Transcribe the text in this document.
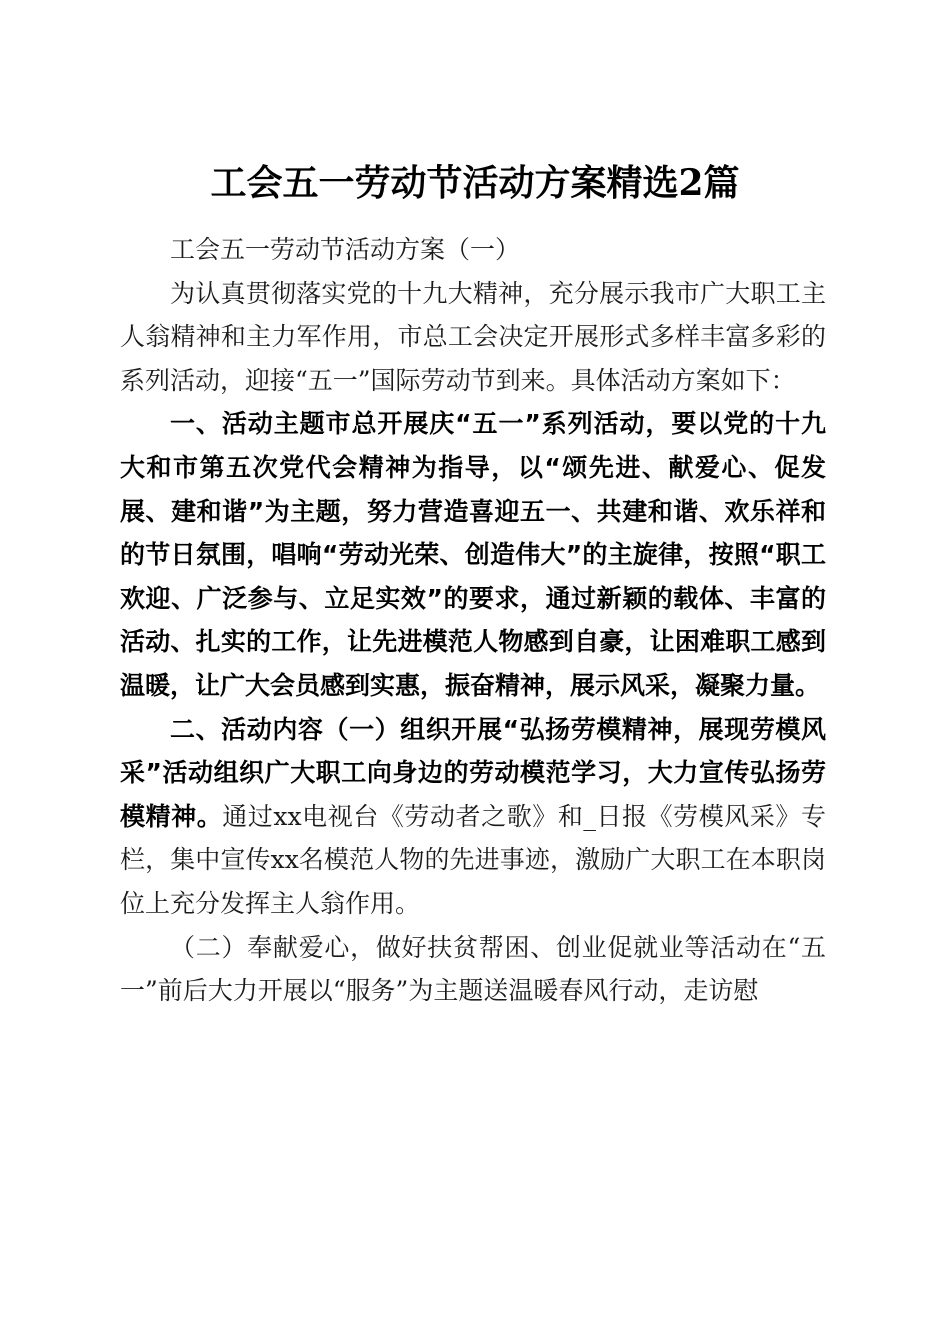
工会五一劳动节活动方案精选2篇

工会五一劳动节活动方案（一）

为认真贯彻落实党的十九大精神，充分展示我市广大职工主人翁精神和主力军作用，市总工会决定开展形式多样丰富多彩的系列活动，迎接“五一”国际劳动节到来。具体活动方案如下：

一、活动主题市总开展庆“五一”系列活动，要以党的十九大和市第五次党代会精神为指导，以“颂先进、献爱心、促发展、建和谐”为主题，努力营造喜迎五一、共建和谐、欢乐祥和的节日氛围，唱响“劳动光荣、创造伟大”的主旋律，按照“职工欢迎、广泛参与、立足实效”的要求，通过新颖的载体、丰富的活动、扎实的工作，让先进模范人物感到自豪，让困难职工感到温暖，让广大会员感到实惠，振奋精神，展示风采，凝聚力量。

二、活动内容（一）组织开展“弘扬劳模精神，展现劳模风采”活动组织广大职工向身边的劳动模范学习，大力宣传弘扬劳模精神。通过xx电视台《劳动者之歌》和_日报《劳模风采》专栏，集中宣传xx名模范人物的先进事迹，激励广大职工在本职岗位上充分发挥主人翁作用。

（二）奉献爱心，做好扶贫帮困、创业促就业等活动在“五一”前后大力开展以“服务”为主题送温暖春风行动，走访慰
